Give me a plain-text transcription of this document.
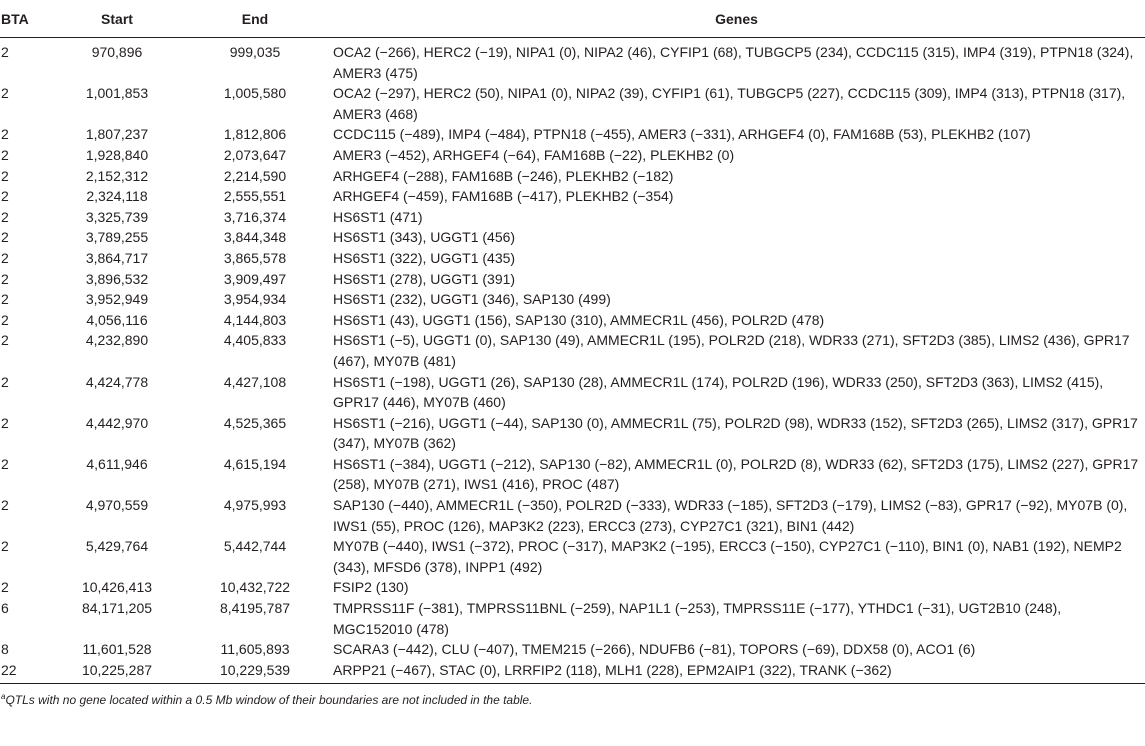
BTA	Start	End	Genes
2	970,896	999,035	OCA2 (−266), HERC2 (−19), NIPA1 (0), NIPA2 (46), CYFIP1 (68), TUBGCP5 (234), CCDC115 (315), IMP4 (319), PTPN18 (324), AMER3 (475)
2	1,001,853	1,005,580	OCA2 (−297), HERC2 (50), NIPA1 (0), NIPA2 (39), CYFIP1 (61), TUBGCP5 (227), CCDC115 (309), IMP4 (313), PTPN18 (317), AMER3 (468)
2	1,807,237	1,812,806	CCDC115 (−489), IMP4 (−484), PTPN18 (−455), AMER3 (−331), ARHGEF4 (0), FAM168B (53), PLEKHB2 (107)
2	1,928,840	2,073,647	AMER3 (−452), ARHGEF4 (−64), FAM168B (−22), PLEKHB2 (0)
2	2,152,312	2,214,590	ARHGEF4 (−288), FAM168B (−246), PLEKHB2 (−182)
2	2,324,118	2,555,551	ARHGEF4 (−459), FAM168B (−417), PLEKHB2 (−354)
2	3,325,739	3,716,374	HS6ST1 (471)
2	3,789,255	3,844,348	HS6ST1 (343), UGGT1 (456)
2	3,864,717	3,865,578	HS6ST1 (322), UGGT1 (435)
2	3,896,532	3,909,497	HS6ST1 (278), UGGT1 (391)
2	3,952,949	3,954,934	HS6ST1 (232), UGGT1 (346), SAP130 (499)
2	4,056,116	4,144,803	HS6ST1 (43), UGGT1 (156), SAP130 (310), AMMECR1L (456), POLR2D (478)
2	4,232,890	4,405,833	HS6ST1 (−5), UGGT1 (0), SAP130 (49), AMMECR1L (195), POLR2D (218), WDR33 (271), SFT2D3 (385), LIMS2 (436), GPR17 (467), MY07B (481)
2	4,424,778	4,427,108	HS6ST1 (−198), UGGT1 (26), SAP130 (28), AMMECR1L (174), POLR2D (196), WDR33 (250), SFT2D3 (363), LIMS2 (415), GPR17 (446), MY07B (460)
2	4,442,970	4,525,365	HS6ST1 (−216), UGGT1 (−44), SAP130 (0), AMMECR1L (75), POLR2D (98), WDR33 (152), SFT2D3 (265), LIMS2 (317), GPR17 (347), MY07B (362)
2	4,611,946	4,615,194	HS6ST1 (−384), UGGT1 (−212), SAP130 (−82), AMMECR1L (0), POLR2D (8), WDR33 (62), SFT2D3 (175), LIMS2 (227), GPR17 (258), MY07B (271), IWS1 (416), PROC (487)
2	4,970,559	4,975,993	SAP130 (−440), AMMECR1L (−350), POLR2D (−333), WDR33 (−185), SFT2D3 (−179), LIMS2 (−83), GPR17 (−92), MY07B (0), IWS1 (55), PROC (126), MAP3K2 (223), ERCC3 (273), CYP27C1 (321), BIN1 (442)
2	5,429,764	5,442,744	MY07B (−440), IWS1 (−372), PROC (−317), MAP3K2 (−195), ERCC3 (−150), CYP27C1 (−110), BIN1 (0), NAB1 (192), NEMP2 (343), MFSD6 (378), INPP1 (492)
2	10,426,413	10,432,722	FSIP2 (130)
6	84,171,205	8,4195,787	TMPRSS11F (−381), TMPRSS11BNL (−259), NAP1L1 (−253), TMPRSS11E (−177), YTHDC1 (−31), UGT2B10 (248), MGC152010 (478)
8	11,601,528	11,605,893	SCARA3 (−442), CLU (−407), TMEM215 (−266), NDUFB6 (−81), TOPORS (−69), DDX58 (0), ACO1 (6)
22	10,225,287	10,229,539	ARPP21 (−467), STAC (0), LRRFIP2 (118), MLH1 (228), EPM2AIP1 (322), TRANK (−362)
$^a$QTLs with no gene located within a 0.5 Mb window of their boundaries are not included in the table.
